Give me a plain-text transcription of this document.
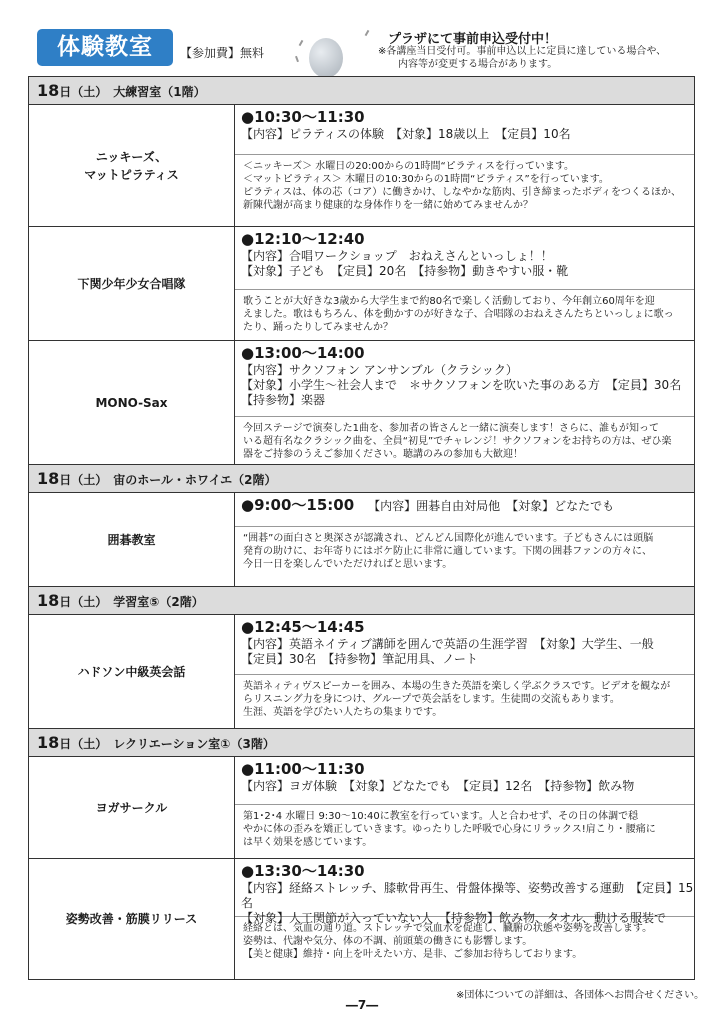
体験教室	【参加費】無料
プラザにて事前申込受付中！
※各講座当日受付可。事前申込以上に定員に達している場合や、
内容等が変更する場合があります。
18日（土）　大練習室（1階）
ニッキーズ、
マットピラティス
●10:30～11:30
【内容】ピラティスの体験　【対象】18歳以上　【定員】10名
＜ニッキーズ＞ 水曜日の20:00からの1時間“ピラティスを行っています。
＜マットピラティス＞ 木曜日の10:30からの1時間“ピラティス”を行っています。
ピラティスは、体の芯（コア）に働きかけ、しなやかな筋肉、引き締まったボディをつくるほか、
新陳代謝が高まり健康的な身体作りを一緒に始めてみませんか？
下関少年少女合唱隊
●12:10～12:40
【内容】合唱ワークショップ　おねえさんといっしょ！！
【対象】子ども　【定員】20名　【持参物】動きやすい服・靴
歌うことが大好きな3歳から大学生まで約80名で楽しく活動しており、今年創立60周年を迎
えました。歌はもちろん、体を動かすのが好きな子、合唱隊のおねえさんたちといっしょに歌っ
たり、踊ったりしてみませんか？
MONO-Sax
●13:00～14:00
【内容】サクソフォン アンサンブル（クラシック）
【対象】小学生～社会人まで　＊サクソフォンを吹いた事のある方　【定員】30名
【持参物】楽器
今回ステージで演奏した1曲を、参加者の皆さんと一緒に演奏します！さらに、誰もが知って
いる超有名なクラシック曲を、全員“初見”でチャレンジ！サクソフォンをお持ちの方は、ぜひ楽
器をご持参のうえご参加ください。聴講のみの参加も大歓迎！
18日（土）　宙のホール・ホワイエ（2階）
囲碁教室
●9:00～15:00 【内容】囲碁自由対局他　【対象】どなたでも
“囲碁”の面白さと奥深さが認識され、どんどん国際化が進んでいます。子どもさんには頭脳
発育の助けに、お年寄りにはボケ防止に非常に適しています。下関の囲碁ファンの方々に、
今日一日を楽しんでいただければと思います。
18日（土）　学習室⑤（2階）
ハドソン中級英会話
●12:45～14:45
【内容】英語ネイティブ講師を囲んで英語の生涯学習　【対象】大学生、一般
【定員】30名　【持参物】筆記用具、ノート
英語ネィティヴスピーカーを囲み、本場の生きた英語を楽しく学ぶクラスです。ビデオを観なが
らリスニング力を身につけ、グループで英会話をします。生徒間の交流もあります。
生涯、英語を学びたい人たちの集まりです。
18日（土）　レクリエーション室①（3階）
ヨガサークル
●11:00～11:30
【内容】ヨガ体験　【対象】どなたでも　【定員】12名　【持参物】飲み物
第1･2･4 水曜日 9:30～10:40に教室を行っています。人と合わせず、その日の体調で穏
やかに体の歪みを矯正していきます。ゆったりした呼吸で心身にリラックス!肩こり・腰痛に
は早く効果を感じています。
姿勢改善・筋膜リリース
●13:30～14:30
【内容】経絡ストレッチ、膝軟骨再生、骨盤体操等、姿勢改善する運動　【定員】15名
【対象】人工関節が入っていない人　【持参物】飲み物、タオル、動ける服装で
経絡とは、気血の通り道。ストレッチで気血水を促進し、臓腑の状態や姿勢を改善します。
姿勢は、代謝や気分、体の不調、前頭葉の働きにも影響します。
【美と健康】維持・向上を叶えたい方、是非、ご参加お待ちしております。
※団体についての詳細は、各団体へお問合せください。
―7―
